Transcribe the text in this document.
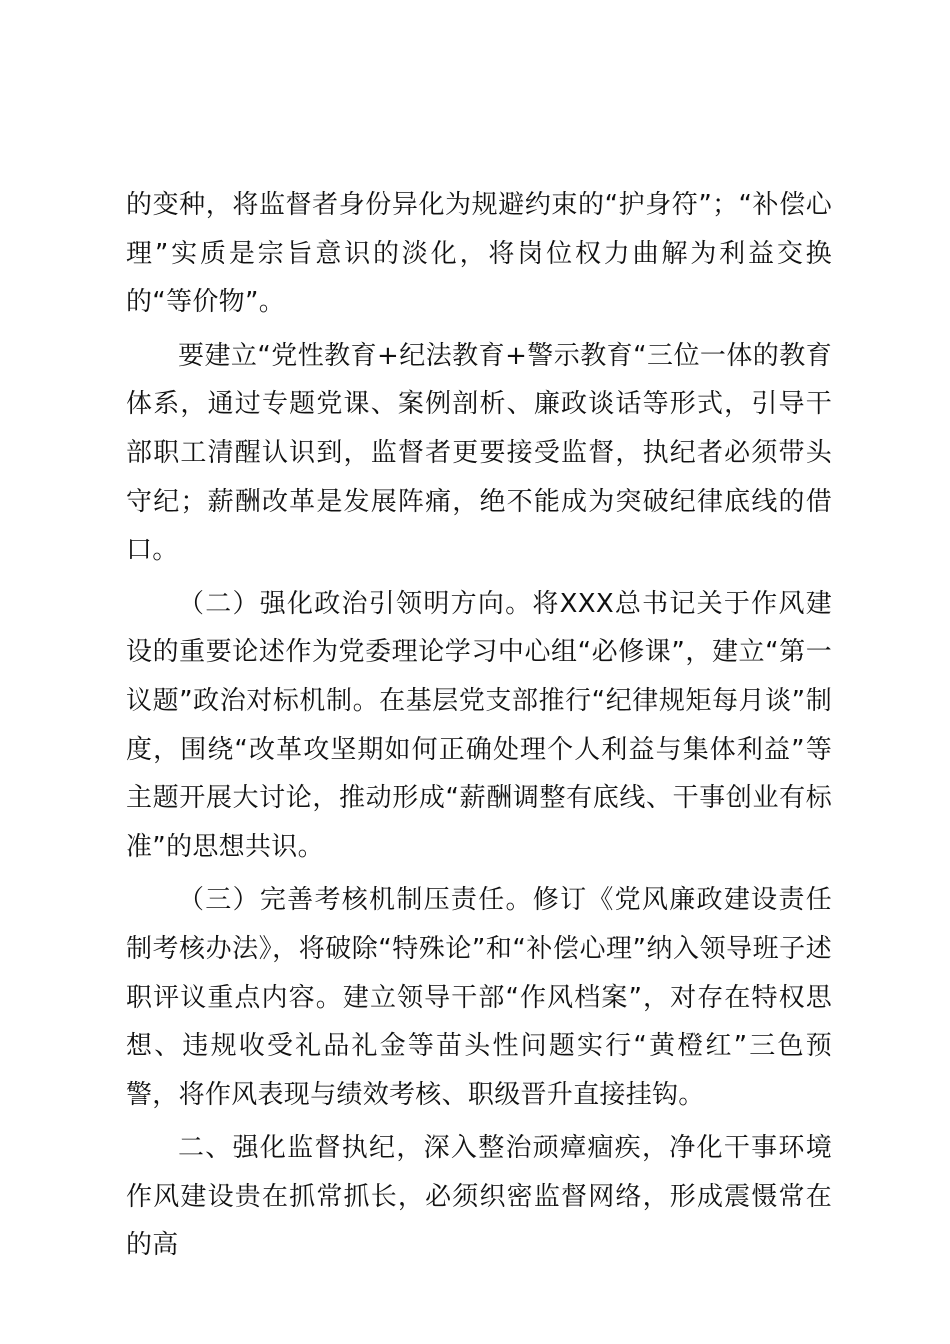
的变种，将监督者身份异化为规避约束的“护身符”；“补偿心理”实质是宗旨意识的淡化，将岗位权力曲解为利益交换的“等价物”。

要建立“党性教育+纪法教育+警示教育“三位一体的教育体系，通过专题党课、案例剖析、廉政谈话等形式，引导干部职工清醒认识到，监督者更要接受监督，执纪者必须带头守纪；薪酬改革是发展阵痛，绝不能成为突破纪律底线的借口。

（二）强化政治引领明方向。将XXX总书记关于作风建设的重要论述作为党委理论学习中心组“必修课”，建立“第一议题”政治对标机制。在基层党支部推行“纪律规矩每月谈”制度，围绕“改革攻坚期如何正确处理个人利益与集体利益”等主题开展大讨论，推动形成“薪酬调整有底线、干事创业有标准”的思想共识。

（三）完善考核机制压责任。修订《党风廉政建设责任制考核办法》，将破除“特殊论”和“补偿心理”纳入领导班子述职评议重点内容。建立领导干部“作风档案”，对存在特权思想、违规收受礼品礼金等苗头性问题实行“黄橙红”三色预警，将作风表现与绩效考核、职级晋升直接挂钩。

二、强化监督执纪，深入整治顽瘴痼疾，净化干事环境作风建设贵在抓常抓长，必须织密监督网络，形成震慑常在的高
